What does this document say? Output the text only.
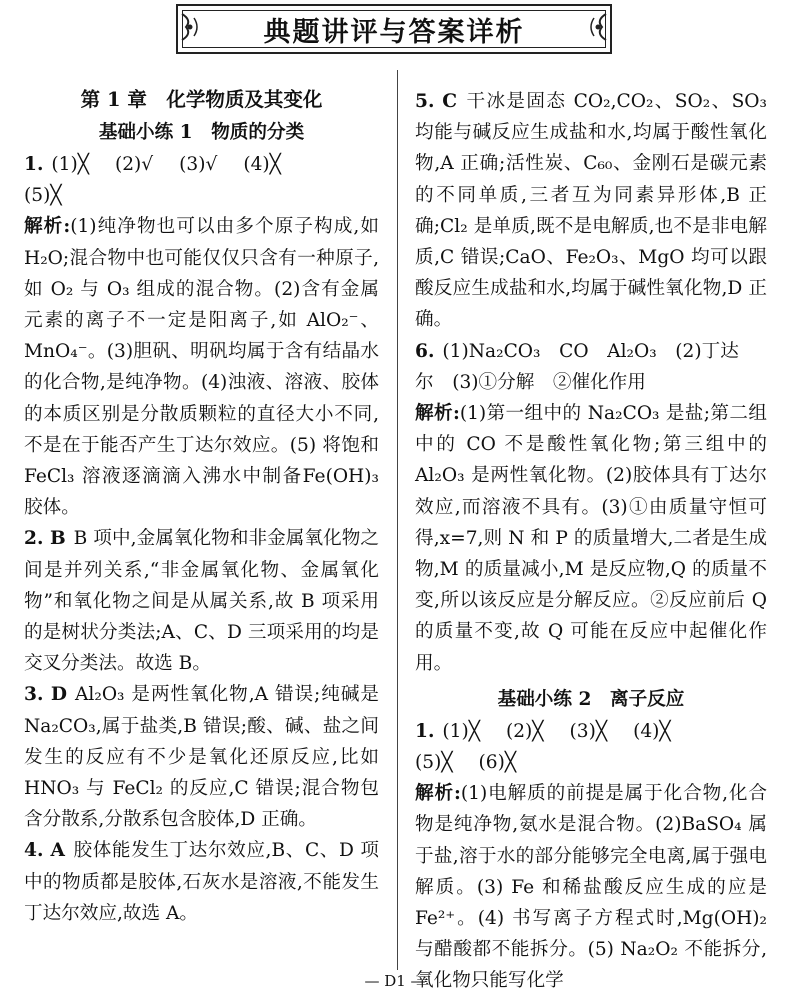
典题讲评与答案详析
第 1 章　化学物质及其变化
基础小练 1　物质的分类

1. (1)╳ (2)√ (3)√ (4)╳

(5)╳

解析:(1)纯净物也可以由多个原子构成,如 H₂O;混合物中也可能仅仅只含有一种原子,如 O₂ 与 O₃ 组成的混合物。(2)含有金属元素的离子不一定是阳离子,如 AlO₂⁻、MnO₄⁻。(3)胆矾、明矾均属于含有结晶水的化合物,是纯净物。(4)浊液、溶液、胶体的本质区别是分散质颗粒的直径大小不同,不是在于能否产生丁达尔效应。(5) 将饱和 FeCl₃ 溶液逐滴滴入沸水中制备Fe(OH)₃胶体。

2. B B 项中,金属氧化物和非金属氧化物之间是并列关系,“非金属氧化物、金属氧化物”和氧化物之间是从属关系,故 B 项采用的是树状分类法;A、C、D 三项采用的均是交叉分类法。故选 B。

3. D Al₂O₃ 是两性氧化物,A 错误;纯碱是 Na₂CO₃,属于盐类,B 错误;酸、碱、盐之间发生的反应有不少是氧化还原反应,比如 HNO₃ 与 FeCl₂ 的反应,C 错误;混合物包含分散系,分散系包含胶体,D 正确。

4. A 胶体能发生丁达尔效应,B、C、D 项中的物质都是胶体,石灰水是溶液,不能发生丁达尔效应,故选 A。

5. C 干冰是固态 CO₂,CO₂、SO₂、SO₃ 均能与碱反应生成盐和水,均属于酸性氧化物,A 正确;活性炭、C₆₀、金刚石是碳元素的不同单质,三者互为同素异形体,B 正确;Cl₂ 是单质,既不是电解质,也不是非电解质,C 错误;CaO、Fe₂O₃、MgO 均可以跟酸反应生成盐和水,均属于碱性氧化物,D 正确。

6. (1)Na₂CO₃　CO　Al₂O₃　(2)丁达

尔　(3)①分解　②催化作用

解析:(1)第一组中的 Na₂CO₃ 是盐;第二组中的 CO 不是酸性氧化物;第三组中的 Al₂O₃ 是两性氧化物。(2)胶体具有丁达尔效应,而溶液不具有。(3)①由质量守恒可得,x=7,则 N 和 P 的质量增大,二者是生成物,M 的质量减小,M 是反应物,Q 的质量不变,所以该反应是分解反应。②反应前后 Q 的质量不变,故 Q 可能在反应中起催化作用。

基础小练 2　离子反应

1. (1)╳ (2)╳ (3)╳ (4)╳

(5)╳ (6)╳

解析:(1)电解质的前提是属于化合物,化合物是纯净物,氨水是混合物。(2)BaSO₄ 属于盐,溶于水的部分能够完全电离,属于强电解质。(3) Fe 和稀盐酸反应生成的应是 Fe²⁺。(4) 书写离子方程式时,Mg(OH)₂ 与醋酸都不能拆分。(5) Na₂O₂ 不能拆分,氧化物只能写化学

— D1 —
